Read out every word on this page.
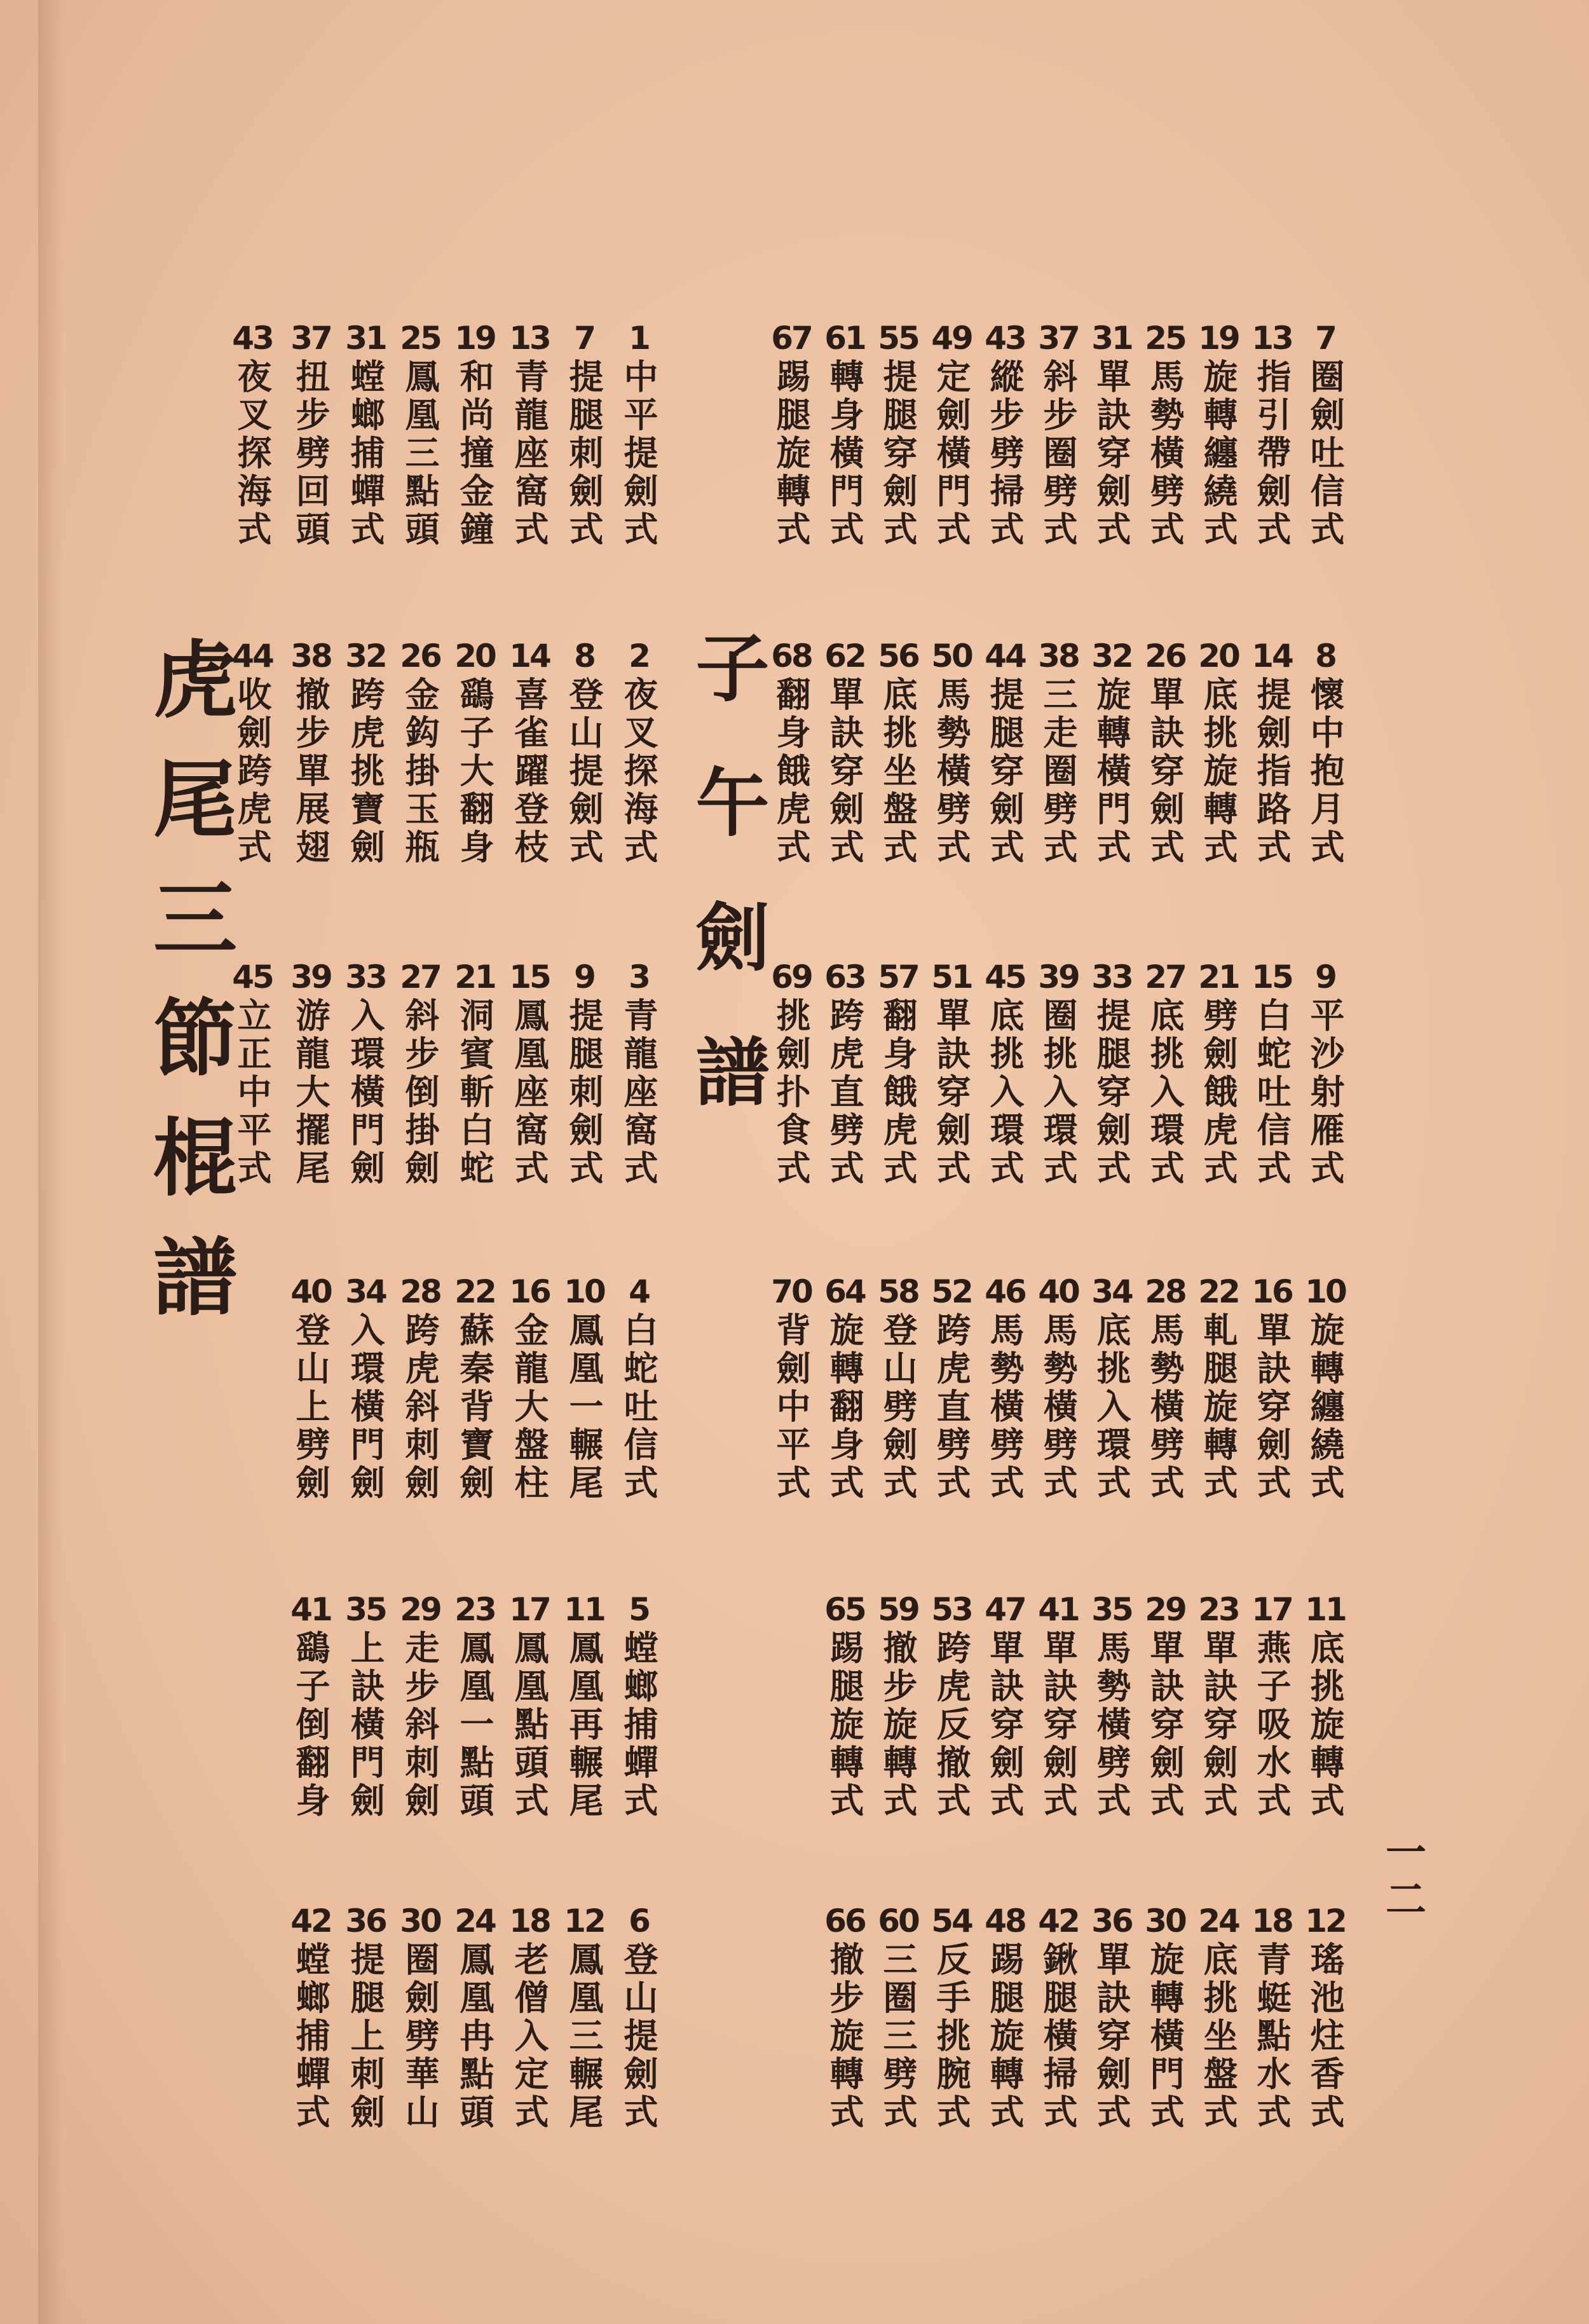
虎尾三節棍譜	子午劍譜
一二
7
圈劍吐信式
8
懷中抱月式
9
平沙射雁式
10
旋轉纏繞式
11
底挑旋轉式
12
瑤池炷香式
13
指引帶劍式
14
提劍指路式
15
白蛇吐信式
16
單訣穿劍式
17
燕子吸水式
18
青蜓點水式
19
旋轉纏繞式
20
底挑旋轉式
21
劈劍餓虎式
22
軋腿旋轉式
23
單訣穿劍式
24
底挑坐盤式
25
馬勢橫劈式
26
單訣穿劍式
27
底挑入環式
28
馬勢橫劈式
29
單訣穿劍式
30
旋轉橫門式
31
單訣穿劍式
32
旋轉橫門式
33
提腿穿劍式
34
底挑入環式
35
馬勢橫劈式
36
單訣穿劍式
37
斜步圈劈式
38
三走圈劈式
39
圈挑入環式
40
馬勢橫劈式
41
單訣穿劍式
42
鍬腿橫掃式
43
縱步劈掃式
44
提腿穿劍式
45
底挑入環式
46
馬勢橫劈式
47
單訣穿劍式
48
踢腿旋轉式
49
定劍橫門式
50
馬勢橫劈式
51
單訣穿劍式
52
跨虎直劈式
53
跨虎反撤式
54
反手挑腕式
55
提腿穿劍式
56
底挑坐盤式
57
翻身餓虎式
58
登山劈劍式
59
撤步旋轉式
60
三圈三劈式
61
轉身橫門式
62
單訣穿劍式
63
跨虎直劈式
64
旋轉翻身式
65
踢腿旋轉式
66
撤步旋轉式
67
踢腿旋轉式
68
翻身餓虎式
69
挑劍扑食式
70
背劍中平式
1
中平提劍式
2
夜叉探海式
3
青龍座窩式
4
白蛇吐信式
5
螳螂捕蟬式
6
登山提劍式
7
提腿刺劍式
8
登山提劍式
9
提腿刺劍式
10
鳳凰一輾尾
11
鳳凰再輾尾
12
鳳凰三輾尾
13
青龍座窩式
14
喜雀躍登枝
15
鳳凰座窩式
16
金龍大盤柱
17
鳳凰點頭式
18
老僧入定式
19
和尚撞金鐘
20
鷂子大翻身
21
洞賓斬白蛇
22
蘇秦背寶劍
23
鳳凰一點頭
24
鳳凰冉點頭
25
鳳凰三點頭
26
金鈎掛玉瓶
27
斜步倒掛劍
28
跨虎斜刺劍
29
走步斜刺劍
30
圈劍劈華山
31
螳螂捕蟬式
32
跨虎挑寶劍
33
入環橫門劍
34
入環橫門劍
35
上訣橫門劍
36
提腿上刺劍
37
扭步劈回頭
38
撤步單展翅
39
游龍大擺尾
40
登山上劈劍
41
鷂子倒翻身
42
螳螂捕蟬式
43
夜叉探海式
44
收劍跨虎式
45
立正中平式
